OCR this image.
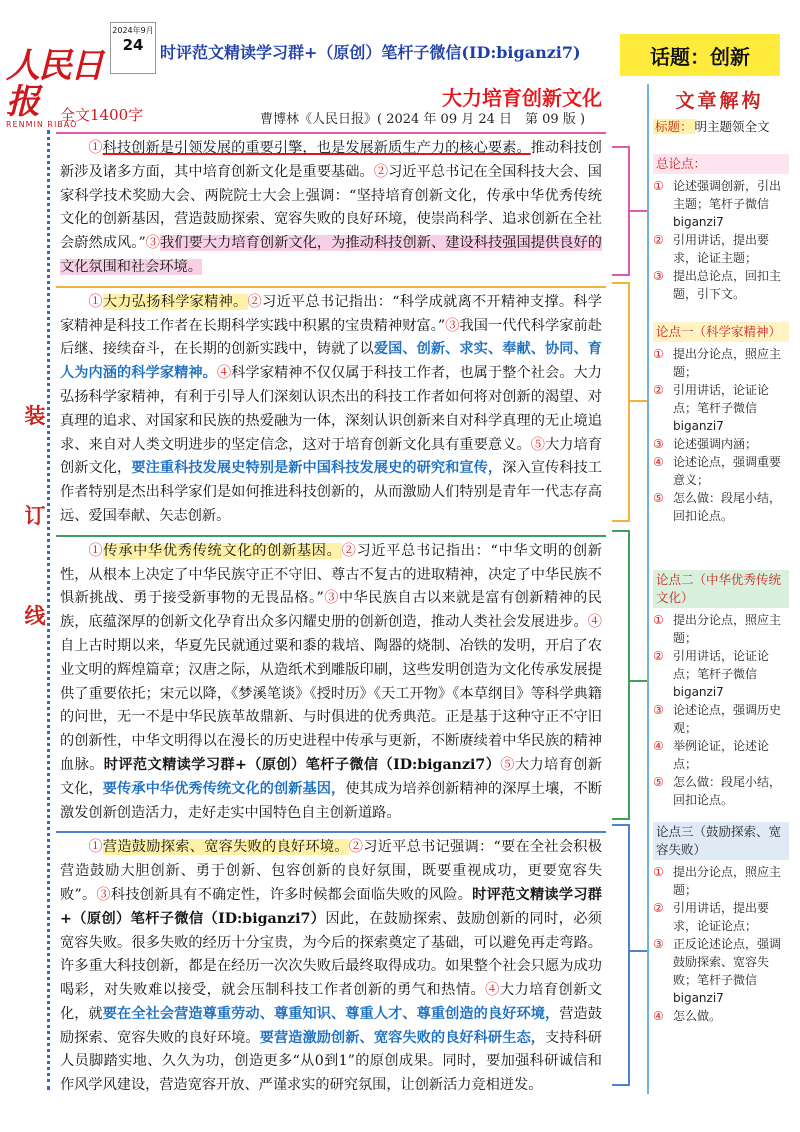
人民日报
RENMIN RIBAO
全文1400字
2024年9月
24	时评范文精读学习群+（原创）笔杆子微信(ID:biganzi7)	话题：创新
大力培育创新文化
曹博林《人民日报》( 2024 年 09 月 24 日　第 09 版 )
装
订
线

①科技创新是引领发展的重要引擎，也是发展新质生产力的核心要素。推动科技创新涉及诸多方面，其中培育创新文化是重要基础。②习近平总书记在全国科技大会、国家科学技术奖励大会、两院院士大会上强调：“坚持培育创新文化，传承中华优秀传统文化的创新基因，营造鼓励探索、宽容失败的良好环境，使崇尚科学、追求创新在全社会蔚然成风。”③我们要大力培育创新文化，为推动科技创新、建设科技强国提供良好的文化氛围和社会环境。

①大力弘扬科学家精神。②习近平总书记指出：“科学成就离不开精神支撑。科学家精神是科技工作者在长期科学实践中积累的宝贵精神财富。”③我国一代代科学家前赴后继、接续奋斗，在长期的创新实践中，铸就了以爱国、创新、求实、奉献、协同、育人为内涵的科学家精神。④科学家精神不仅仅属于科技工作者，也属于整个社会。大力弘扬科学家精神，有利于引导人们深刻认识杰出的科技工作者如何将对创新的渴望、对真理的追求、对国家和民族的热爱融为一体，深刻认识创新来自对科学真理的无止境追求、来自对人类文明进步的坚定信念，这对于培育创新文化具有重要意义。⑤大力培育创新文化，要注重科技发展史特别是新中国科技发展史的研究和宣传，深入宣传科技工作者特别是杰出科学家们是如何推进科技创新的，从而激励人们特别是青年一代志存高远、爱国奉献、矢志创新。

①传承中华优秀传统文化的创新基因。②习近平总书记指出：“中华文明的创新性，从根本上决定了中华民族守正不守旧、尊古不复古的进取精神，决定了中华民族不惧新挑战、勇于接受新事物的无畏品格。”③中华民族自古以来就是富有创新精神的民族，底蕴深厚的创新文化孕育出众多闪耀史册的创新创造，推动人类社会发展进步。④自上古时期以来，华夏先民就通过粟和黍的栽培、陶器的烧制、冶铁的发明，开启了农业文明的辉煌篇章；汉唐之际，从造纸术到雕版印刷，这些发明创造为文化传承发展提供了重要依托；宋元以降，《梦溪笔谈》《授时历》《天工开物》《本草纲目》等科学典籍的问世，无一不是中华民族革故鼎新、与时俱进的优秀典范。正是基于这种守正不守旧的创新性，中华文明得以在漫长的历史进程中传承与更新，不断赓续着中华民族的精神血脉。时评范文精读学习群+（原创）笔杆子微信（ID:biganzi7）⑤大力培育创新文化，要传承中华优秀传统文化的创新基因，使其成为培养创新精神的深厚土壤，不断激发创新创造活力，走好走实中国特色自主创新道路。

①营造鼓励探索、宽容失败的良好环境。②习近平总书记强调：“要在全社会积极营造鼓励大胆创新、勇于创新、包容创新的良好氛围，既要重视成功，更要宽容失败”。③科技创新具有不确定性，许多时候都会面临失败的风险。时评范文精读学习群+（原创）笔杆子微信（ID:biganzi7）因此，在鼓励探索、鼓励创新的同时，必须宽容失败。很多失败的经历十分宝贵，为今后的探索奠定了基础，可以避免再走弯路。许多重大科技创新，都是在经历一次次失败后最终取得成功。如果整个社会只愿为成功喝彩，对失败难以接受，就会压制科技工作者创新的勇气和热情。④大力培育创新文化，就要在全社会营造尊重劳动、尊重知识、尊重人才、尊重创造的良好环境，营造鼓励探索、宽容失败的良好环境。要营造激励创新、宽容失败的良好科研生态，支持科研人员脚踏实地、久久为功，创造更多“从0到1”的原创成果。同时，要加强科研诚信和作风学风建设，营造宽容开放、严谨求实的研究氛围，让创新活力竞相迸发。

文章解构
标题： 明主题领全文
总论点：
① 论述强调创新，引出主题；笔杆子微信 biganzi7
② 引用讲话，提出要求，论证主题；
③ 提出总论点，回扣主题，引下文。
论点一（科学家精神）
① 提出分论点，照应主题；
② 引用讲话，论证论点；笔杆子微信 biganzi7
③ 论述强调内涵；
④ 论述论点，强调重要意义；
⑤ 怎么做：段尾小结，回扣论点。
论点二（中华优秀传统文化）
① 提出分论点，照应主题；
② 引用讲话，论证论点；笔杆子微信 biganzi7
③ 论述论点，强调历史观；
④ 举例论证，论述论点；
⑤ 怎么做：段尾小结，回扣论点。
论点三（鼓励探索、宽容失败）
① 提出分论点，照应主题；
② 引用讲话，提出要求，论证论点；
③ 正反论述论点，强调鼓励探索、宽容失败；笔杆子微信 biganzi7
④ 怎么做。
